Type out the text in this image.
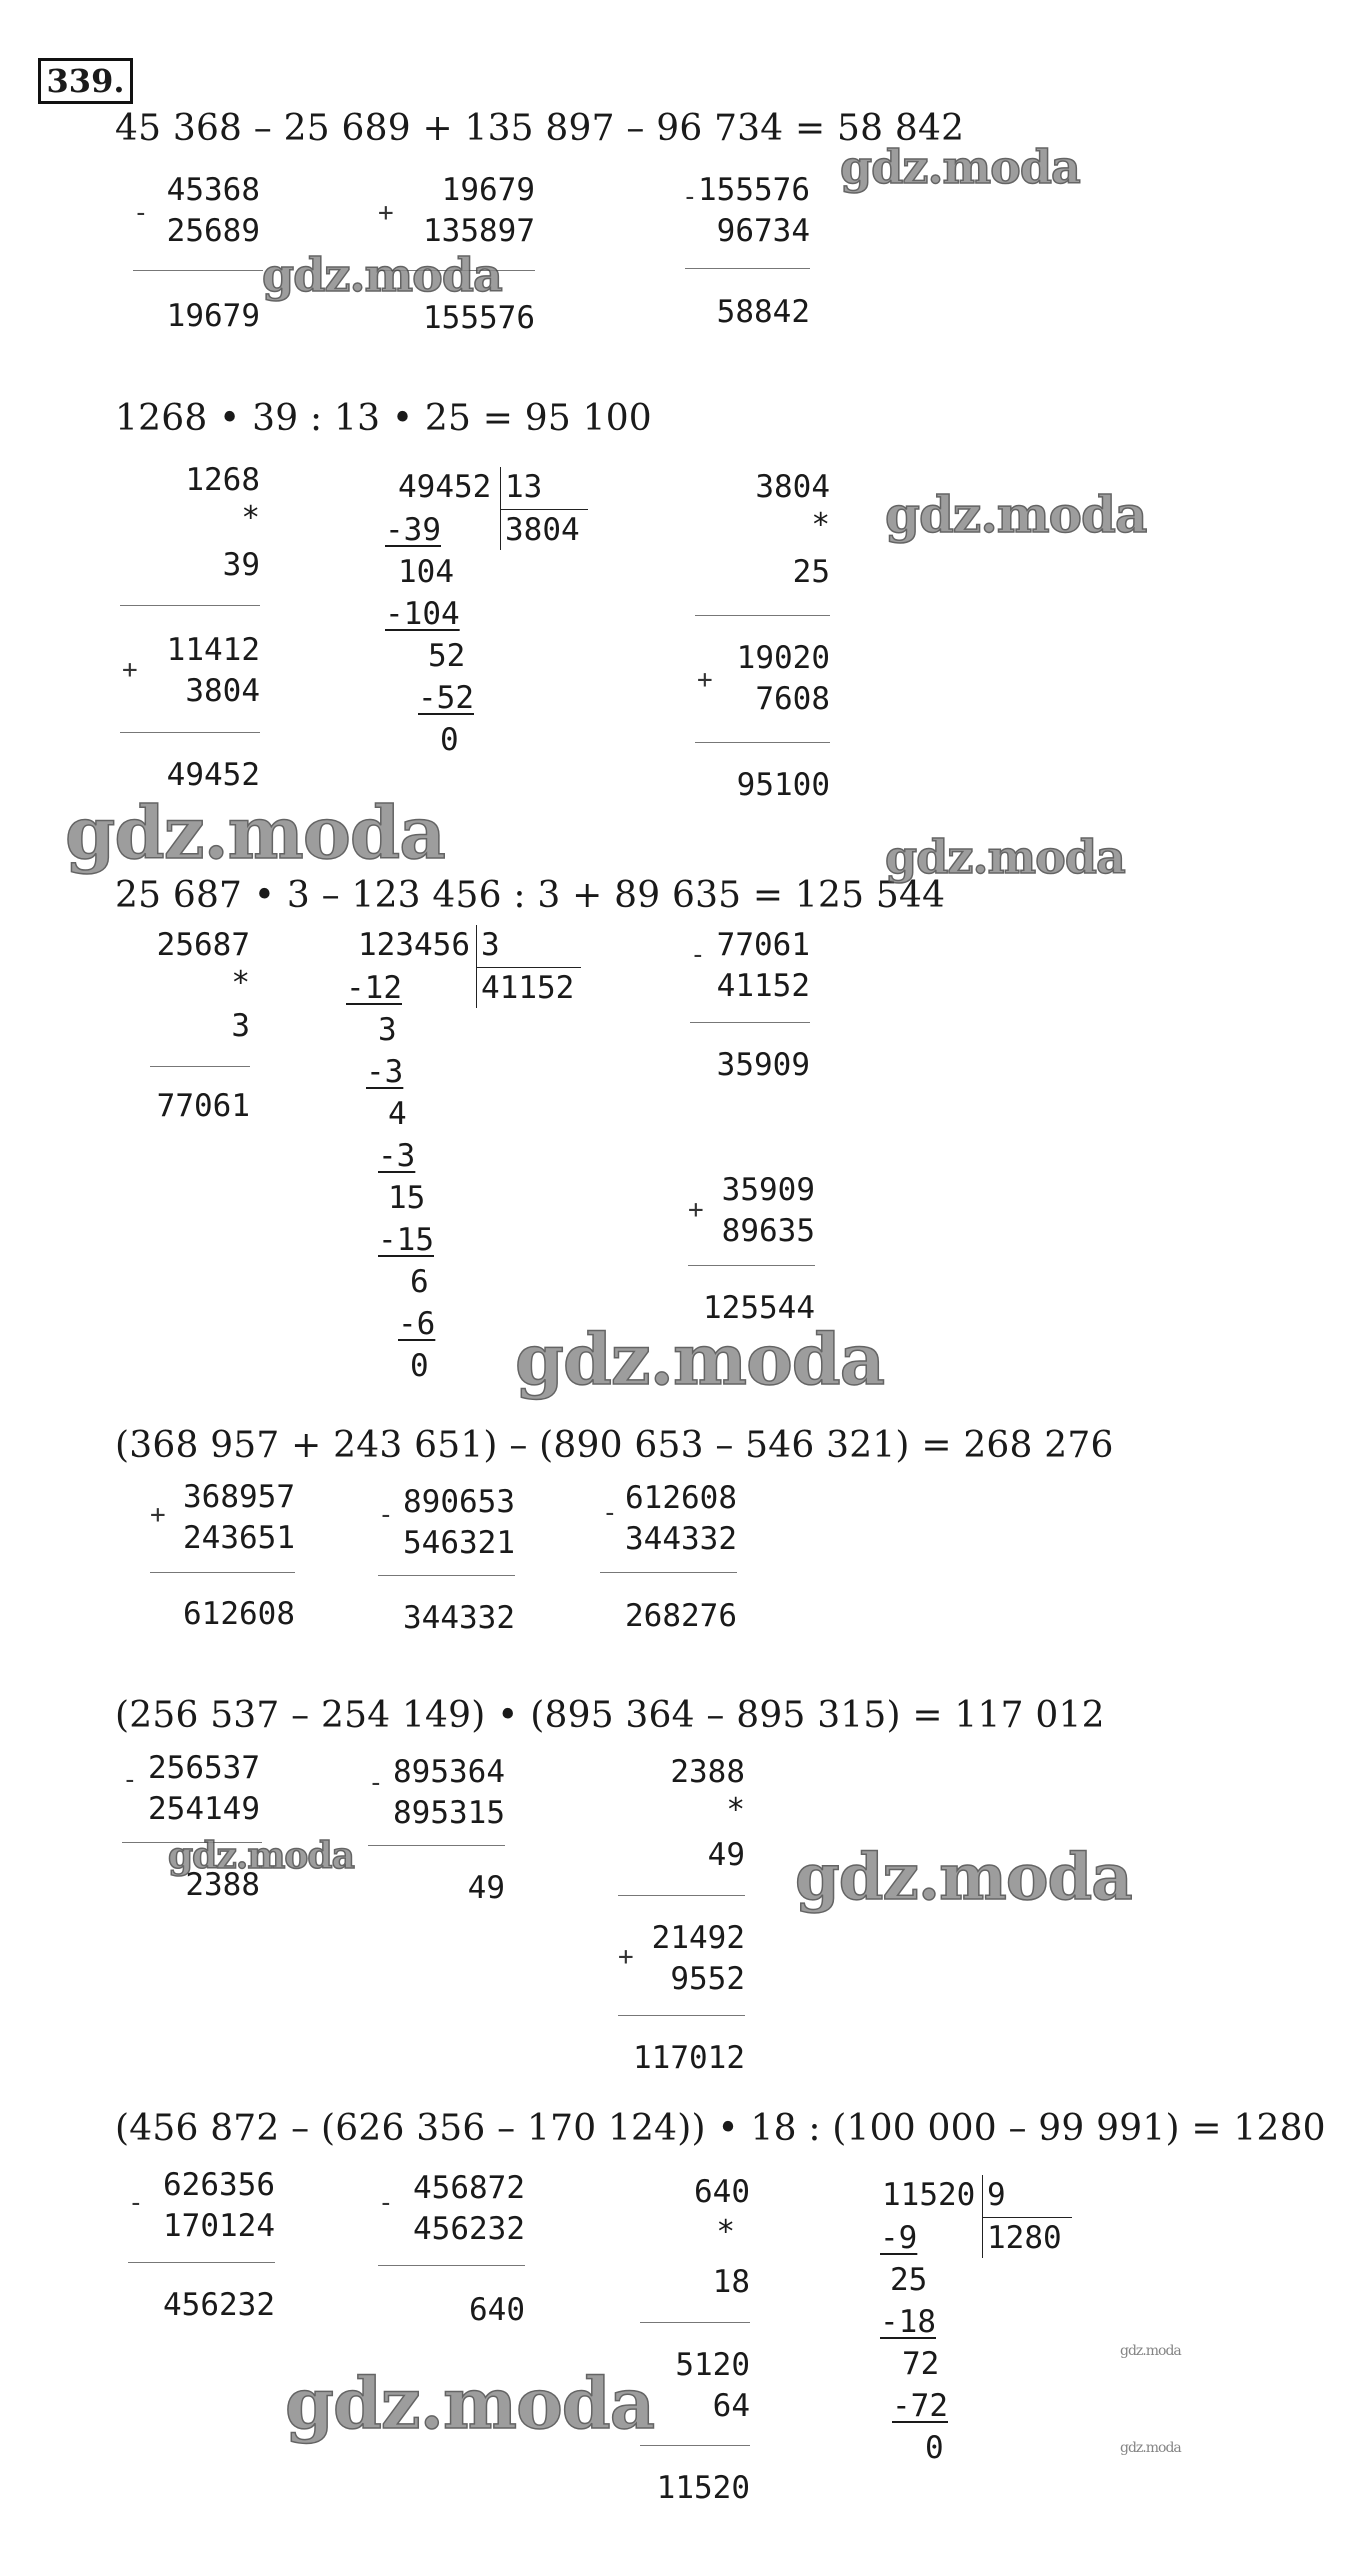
339.
45 368 – 25 689 + 135 897 – 96 734 = 58 842
-
45368
25689
19679
+
19679
135897
155576
- 155576
96734
58842
1268 • 39 : 13 • 25 = 95 100
1268
*
39
+
11412
3804
49452
49452 13
3804
-39
104
-104
52
-52
0
3804
*
25
+
19020
7608
95100
25 687 • 3 – 123 456 : 3 + 89 635 = 125 544
25687
*
3
77061
123456 3
41152
-12
3
-3
4
-3
15
-15
6
-6
0
- 77061
41152
35909
+
35909
89635
125544
(368 957 + 243 651) – (890 653 – 546 321) = 268 276
+ 368957
243651
612608
- 890653
546321
344332
- 612608
344332
268276
(256 537 – 254 149) • (895 364 – 895 315) = 117 012
- 256537
254149
2388
- 895364
895315
49
2388
*
49
+
21492
9552
117012
(456 872 – (626 356 – 170 124)) • 18 : (100 000 – 99 991) = 1280
- 626356
170124
456232
- 456872
456232
640
640
*
18
5120
64
11520
11520 9
1280
-9
25
-18
72
-72
0
gdz.moda
gdz.moda
gdz.moda
gdz.moda	gdz.moda
gdz.moda
gdz.moda	gdz.moda
gdz.moda
gdz.moda
gdz.moda
